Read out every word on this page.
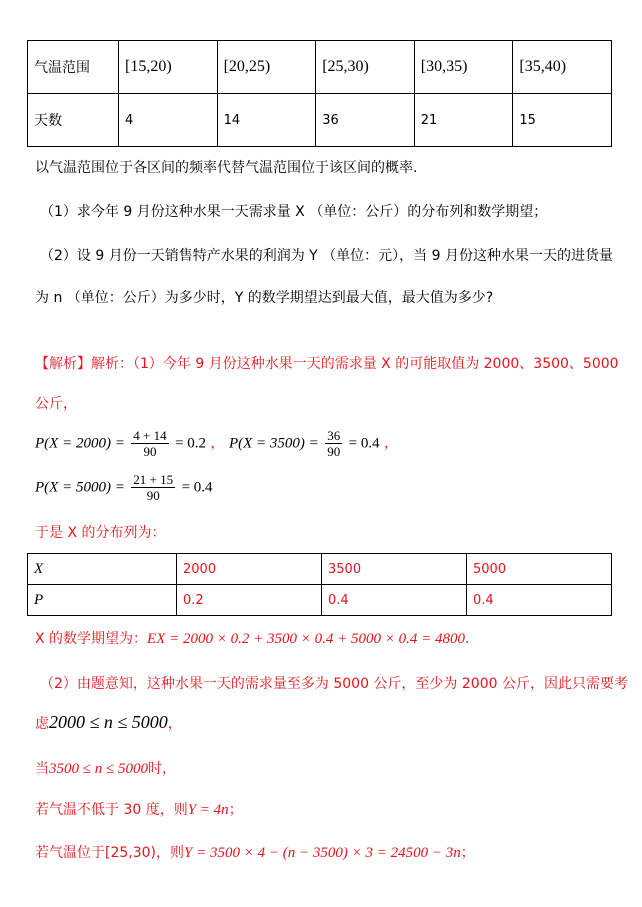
气温范围	[15,20)	[20,25)	[25,30)	[30,35)	[35,40)
天数	4	14	36	21	15
以气温范围位于各区间的频率代替气温范围位于该区间的概率.
（1）求今年 9 月份这种水果一天需求量 X （单位：公斤）的分布列和数学期望；
（2）设 9 月份一天销售特产水果的利润为 Y （单位：元），当 9 月份这种水果一天的进货量
为 n （单位：公斤）为多少时，Y 的数学期望达到最大值，最大值为多少?
【解析】解析：（1）今年 9 月份这种水果一天的需求量 X 的可能取值为 2000、3500、5000
公斤，
$P(X = 2000) = \frac{4 + 14}{90} = 0.2$ ， $P(X = 3500) = \frac{36}{90} = 0.4$ ，
$P(X = 5000) = \frac{21 + 15}{90} = 0.4$
于是 X 的分布列为：
X	2000	3500	5000
P	0.2	0.4	0.4
X 的数学期望为：EX = 2000 × 0.2 + 3500 × 0.4 + 5000 × 0.4 = 4800．
（2）由题意知，这种水果一天的需求量至多为 5000 公斤，至少为 2000 公斤，因此只需要考
虑2000 ≤ n ≤ 5000，
当3500 ≤ n ≤ 5000时，
若气温不低于 30 度，则Y = 4n；
若气温位于[25,30)，则Y = 3500 × 4 − (n − 3500) × 3 = 24500 − 3n；
